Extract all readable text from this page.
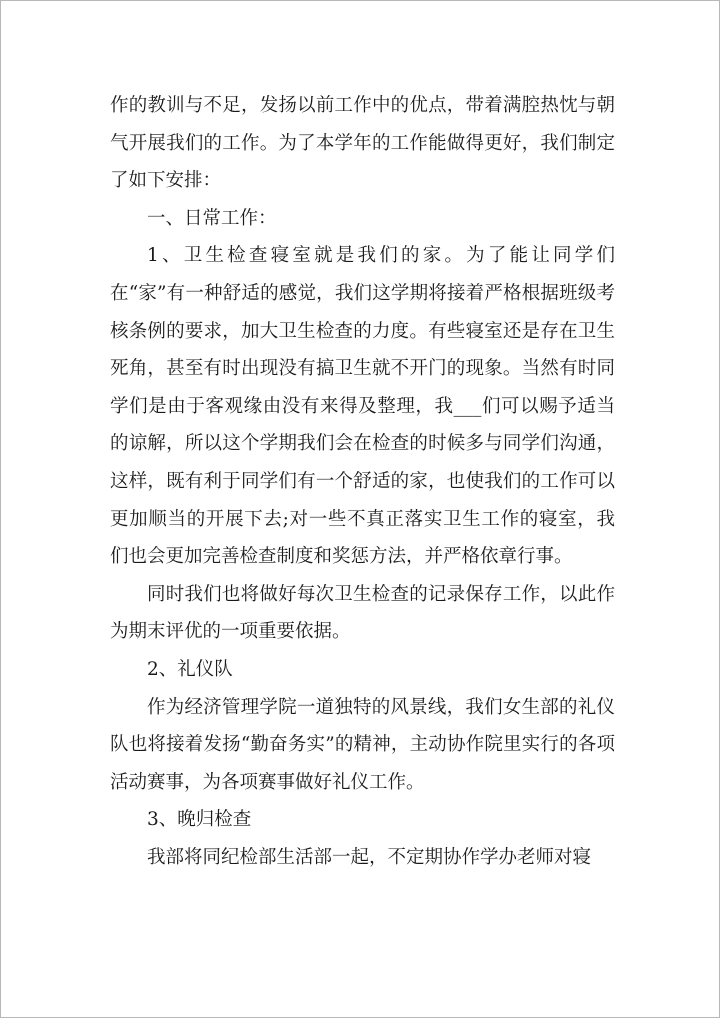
作的教训与不足，发扬以前工作中的优点，带着满腔热忱与朝气开展我们的工作。为了本学年的工作能做得更好，我们制定了如下安排：

一、日常工作：

1、卫生检查寝室就是我们的家。为了能让同学们在“家”有一种舒适的感觉，我们这学期将接着严格根据班级考核条例的要求，加大卫生检查的力度。有些寝室还是存在卫生死角，甚至有时出现没有搞卫生就不开门的现象。当然有时同学们是由于客观缘由没有来得及整理，我___们可以赐予适当的谅解，所以这个学期我们会在检查的时候多与同学们沟通，这样，既有利于同学们有一个舒适的家，也使我们的工作可以更加顺当的开展下去;对一些不真正落实卫生工作的寝室，我们也会更加完善检查制度和奖惩方法，并严格依章行事。

同时我们也将做好每次卫生检查的记录保存工作，以此作为期末评优的一项重要依据。

2、礼仪队

作为经济管理学院一道独特的风景线，我们女生部的礼仪队也将接着发扬“勤奋务实”的精神，主动协作院里实行的各项活动赛事，为各项赛事做好礼仪工作。

3、晚归检查

我部将同纪检部生活部一起，不定期协作学办老师对寝
